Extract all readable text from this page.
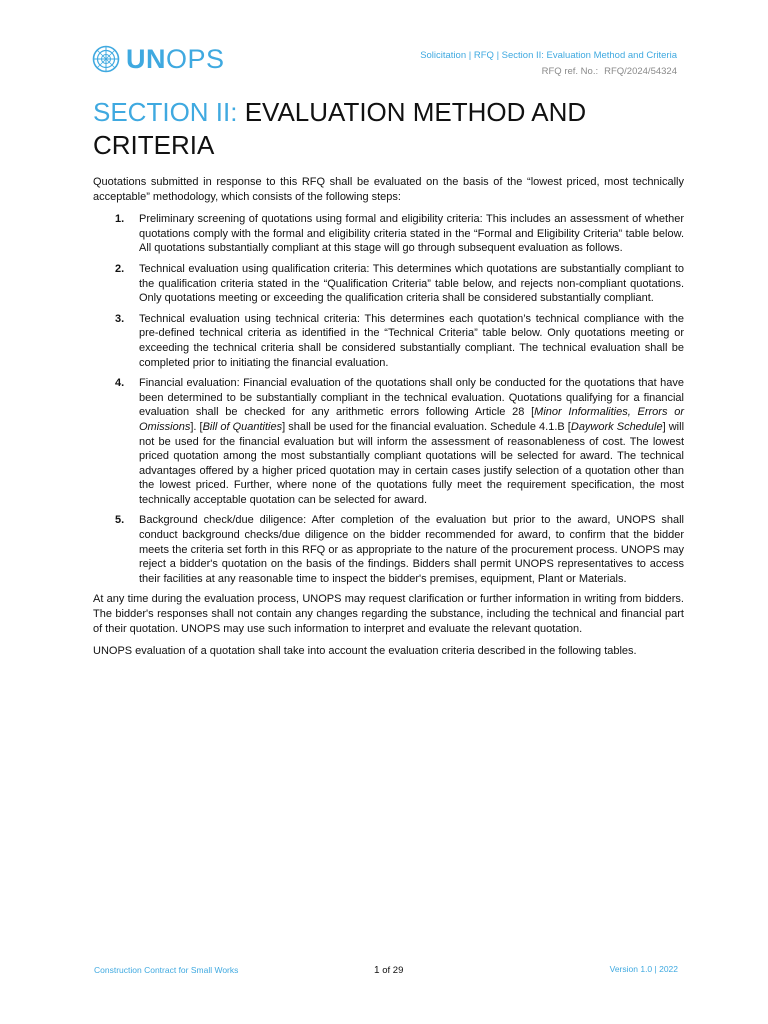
UNOPS	Solicitation | RFQ | Section II: Evaluation Method and Criteria
RFQ ref. No.: RFQ/2024/54324
SECTION II: EVALUATION METHOD AND CRITERIA

Quotations submitted in response to this RFQ shall be evaluated on the basis of the “lowest priced, most technically acceptable” methodology, which consists of the following steps:

1.	Preliminary screening of quotations using formal and eligibility criteria: This includes an assessment of whether quotations comply with the formal and eligibility criteria stated in the “Formal and Eligibility Criteria” table below. All quotations substantially compliant at this stage will go through subsequent evaluation as follows.
2.	Technical evaluation using qualification criteria: This determines which quotations are substantially compliant to the qualification criteria stated in the “Qualification Criteria” table below, and rejects non-compliant quotations. Only quotations meeting or exceeding the qualification criteria shall be considered substantially compliant.
3.	Technical evaluation using technical criteria: This determines each quotation’s technical compliance with the pre-defined technical criteria as identified in the “Technical Criteria” table below. Only quotations meeting or exceeding the technical criteria shall be considered substantially compliant. The technical evaluation shall be completed prior to initiating the financial evaluation.
4.	Financial evaluation: Financial evaluation of the quotations shall only be conducted for the quotations that have been determined to be substantially compliant in the technical evaluation. Quotations qualifying for a financial evaluation shall be checked for any arithmetic errors following Article 28 [Minor Informalities, Errors or Omissions]. [Bill of Quantities] shall be used for the financial evaluation. Schedule 4.1.B [Daywork Schedule] will not be used for the financial evaluation but will inform the assessment of reasonableness of cost. The lowest priced quotation among the most substantially compliant quotations will be selected for award. The technical advantages offered by a higher priced quotation may in certain cases justify selection of a quotation other than the lowest priced. Further, where none of the quotations fully meet the requirement specification, the most technically acceptable quotation can be selected for award.
5.	Background check/due diligence: After completion of the evaluation but prior to the award, UNOPS shall conduct background checks/due diligence on the bidder recommended for award, to confirm that the bidder meets the criteria set forth in this RFQ or as appropriate to the nature of the procurement process. UNOPS may reject a bidder's quotation on the basis of the findings. Bidders shall permit UNOPS representatives to access their facilities at any reasonable time to inspect the bidder's premises, equipment, Plant or Materials.

At any time during the evaluation process, UNOPS may request clarification or further information in writing from bidders. The bidder's responses shall not contain any changes regarding the substance, including the technical and financial part of their quotation. UNOPS may use such information to interpret and evaluate the relevant quotation.

UNOPS evaluation of a quotation shall take into account the evaluation criteria described in the following tables.

Construction Contract for Small Works	1 of 29	Version 1.0 | 2022
